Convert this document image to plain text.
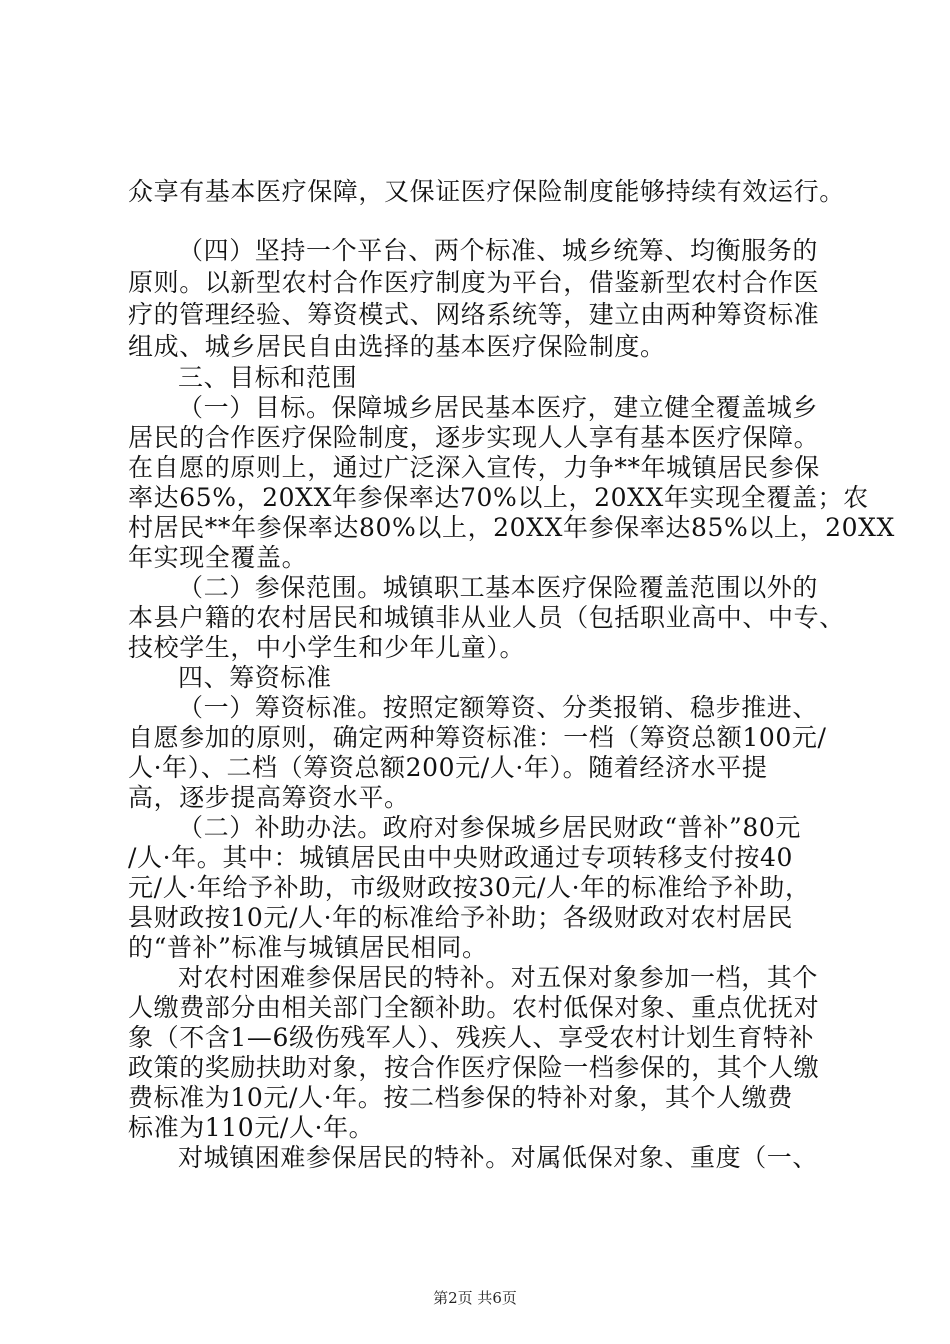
众享有基本医疗保障，又保证医疗保险制度能够持续有效运行。
（四）坚持一个平台、两个标准、城乡统筹、均衡服务的
原则。以新型农村合作医疗制度为平台，借鉴新型农村合作医
疗的管理经验、筹资模式、网络系统等，建立由两种筹资标准
组成、城乡居民自由选择的基本医疗保险制度。
三、目标和范围
（一）目标。保障城乡居民基本医疗，建立健全覆盖城乡
居民的合作医疗保险制度，逐步实现人人享有基本医疗保障。
在自愿的原则上，通过广泛深入宣传，力争**年城镇居民参保
率达65%，20XX年参保率达70%以上，20XX年实现全覆盖；农
村居民**年参保率达80%以上，20XX年参保率达85%以上，20XX
年实现全覆盖。
（二）参保范围。城镇职工基本医疗保险覆盖范围以外的
本县户籍的农村居民和城镇非从业人员（包括职业高中、中专、
技校学生，中小学生和少年儿童）。
四、筹资标准
（一）筹资标准。按照定额筹资、分类报销、稳步推进、
自愿参加的原则，确定两种筹资标准：一档（筹资总额100元/
人·年）、二档（筹资总额200元/人·年）。随着经济水平提
高，逐步提高筹资水平。
（二）补助办法。政府对参保城乡居民财政“普补”80元
/人·年。其中：城镇居民由中央财政通过专项转移支付按40
元/人·年给予补助，市级财政按30元/人·年的标准给予补助，
县财政按10元/人·年的标准给予补助；各级财政对农村居民
的“普补”标准与城镇居民相同。
对农村困难参保居民的特补。对五保对象参加一档，其个
人缴费部分由相关部门全额补助。农村低保对象、重点优抚对
象（不含1—6级伤残军人）、残疾人、享受农村计划生育特补
政策的奖励扶助对象，按合作医疗保险一档参保的，其个人缴
费标准为10元/人·年。按二档参保的特补对象，其个人缴费
标准为110元/人·年。
对城镇困难参保居民的特补。对属低保对象、重度（一、
第2页 共6页
